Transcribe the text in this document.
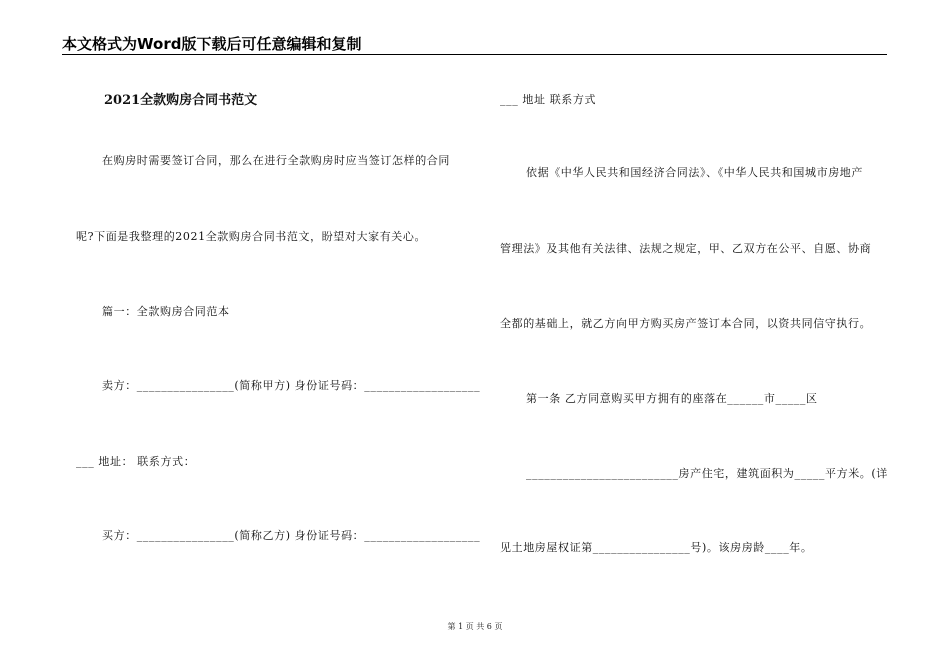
本文格式为Word版下载后可任意编辑和复制
2021全款购房合同书范文
在购房时需要签订合同，那么在进行全款购房时应当签订怎样的合同
呢?下面是我整理的2021全款购房合同书范文，盼望对大家有关心。
篇一：全款购房合同范本
卖方：________________(简称甲方) 身份证号码：___________________
___ 地址： 联系方式：
买方：________________(简称乙方) 身份证号码：___________________
___ 地址 联系方式
依据《中华人民共和国经济合同法》、《中华人民共和国城市房地产
管理法》及其他有关法律、法规之规定，甲、乙双方在公平、自愿、协商
全都的基础上，就乙方向甲方购买房产签订本合同，以资共同信守执行。
第一条 乙方同意购买甲方拥有的座落在______市_____区
_________________________房产住宅，建筑面积为_____平方米。(详
见土地房屋权证第________________号)。该房房龄____年。
第 1 页 共 6 页
